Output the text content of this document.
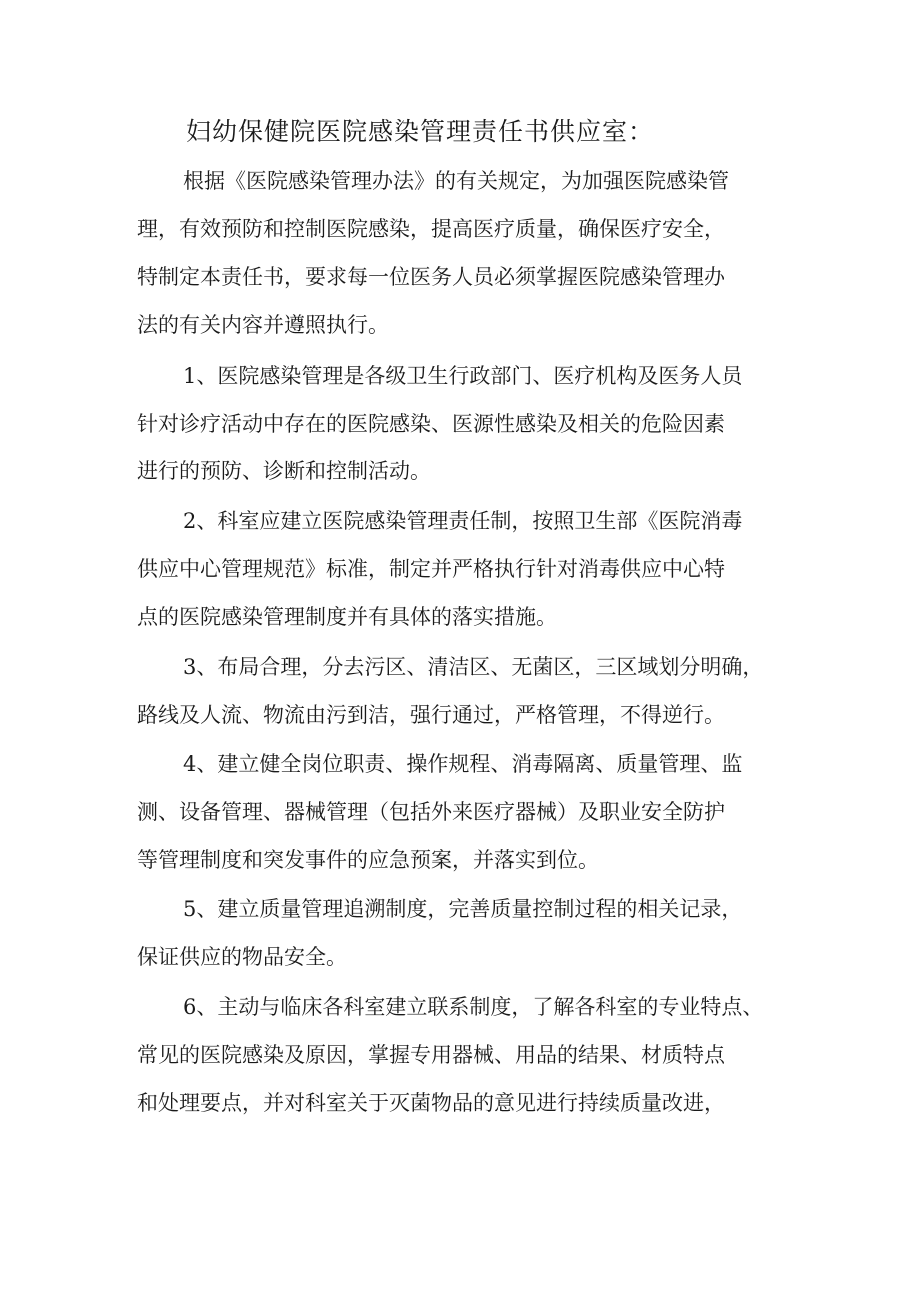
妇幼保健院医院感染管理责任书供应室：
根据《医院感染管理办法》的有关规定，为加强医院感染管
理，有效预防和控制医院感染，提高医疗质量，确保医疗安全，
特制定本责任书，要求每一位医务人员必须掌握医院感染管理办
法的有关内容并遵照执行。
1、医院感染管理是各级卫生行政部门、医疗机构及医务人员
针对诊疗活动中存在的医院感染、医源性感染及相关的危险因素
进行的预防、诊断和控制活动。
2、科室应建立医院感染管理责任制，按照卫生部《医院消毒
供应中心管理规范》标准，制定并严格执行针对消毒供应中心特
点的医院感染管理制度并有具体的落实措施。
3、布局合理，分去污区、清洁区、无菌区，三区域划分明确，
路线及人流、物流由污到洁，强行通过，严格管理，不得逆行。
4、建立健全岗位职责、操作规程、消毒隔离、质量管理、监
测、设备管理、器械管理（包括外来医疗器械）及职业安全防护
等管理制度和突发事件的应急预案，并落实到位。
5、建立质量管理追溯制度，完善质量控制过程的相关记录，
保证供应的物品安全。
6、主动与临床各科室建立联系制度，了解各科室的专业特点、
常见的医院感染及原因，掌握专用器械、用品的结果、材质特点
和处理要点，并对科室关于灭菌物品的意见进行持续质量改进，
